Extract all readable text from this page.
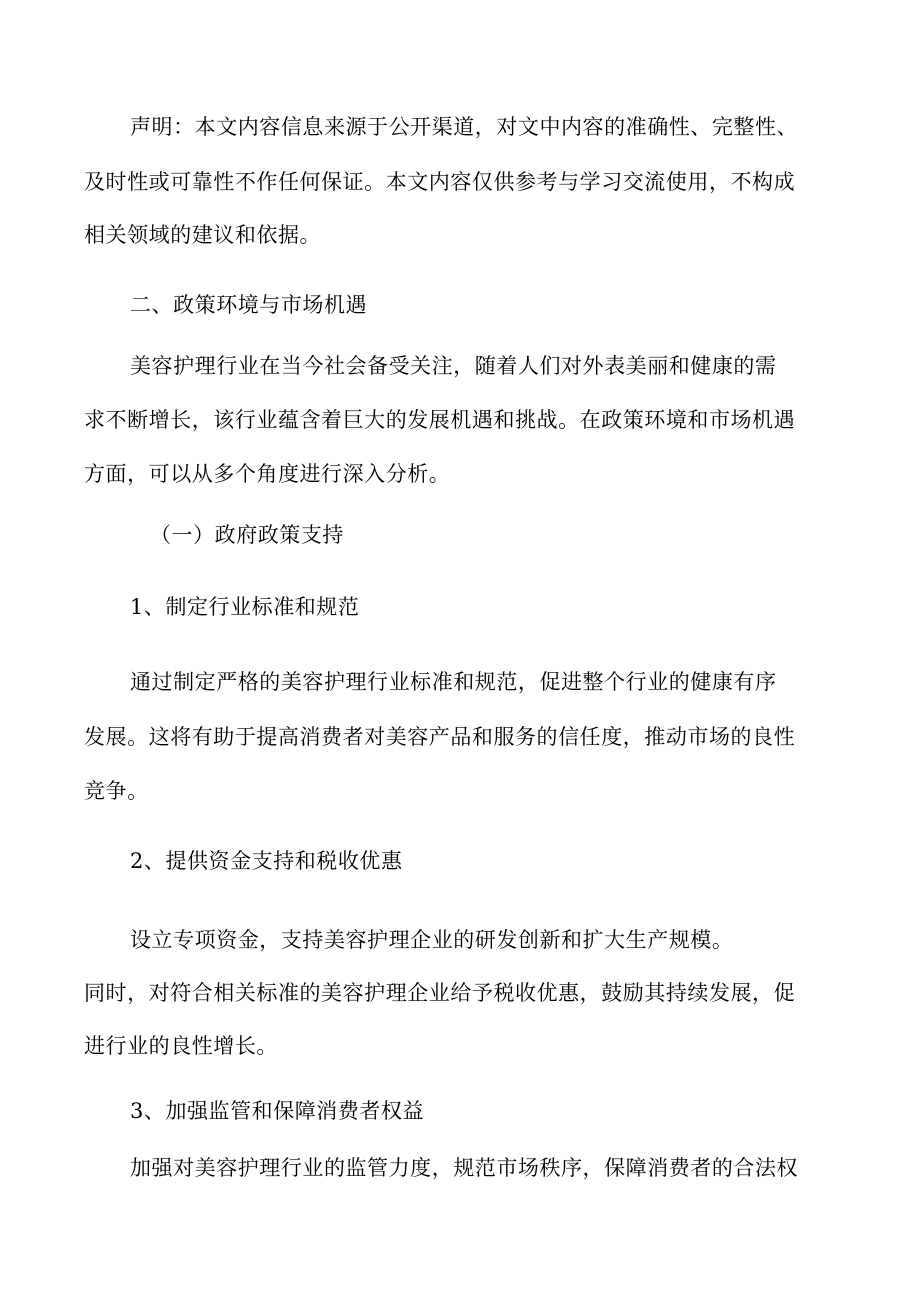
声明：本文内容信息来源于公开渠道，对文中内容的准确性、完整性、
及时性或可靠性不作任何保证。本文内容仅供参考与学习交流使用，不构成
相关领域的建议和依据。
二、政策环境与市场机遇
美容护理行业在当今社会备受关注，随着人们对外表美丽和健康的需
求不断增长，该行业蕴含着巨大的发展机遇和挑战。在政策环境和市场机遇
方面，可以从多个角度进行深入分析。
（一）政府政策支持
1、制定行业标准和规范
通过制定严格的美容护理行业标准和规范，促进整个行业的健康有序
发展。这将有助于提高消费者对美容产品和服务的信任度，推动市场的良性
竞争。
2、提供资金支持和税收优惠
设立专项资金，支持美容护理企业的研发创新和扩大生产规模。
同时，对符合相关标准的美容护理企业给予税收优惠，鼓励其持续发展，促
进行业的良性增长。
3、加强监管和保障消费者权益
加强对美容护理行业的监管力度，规范市场秩序，保障消费者的合法权
